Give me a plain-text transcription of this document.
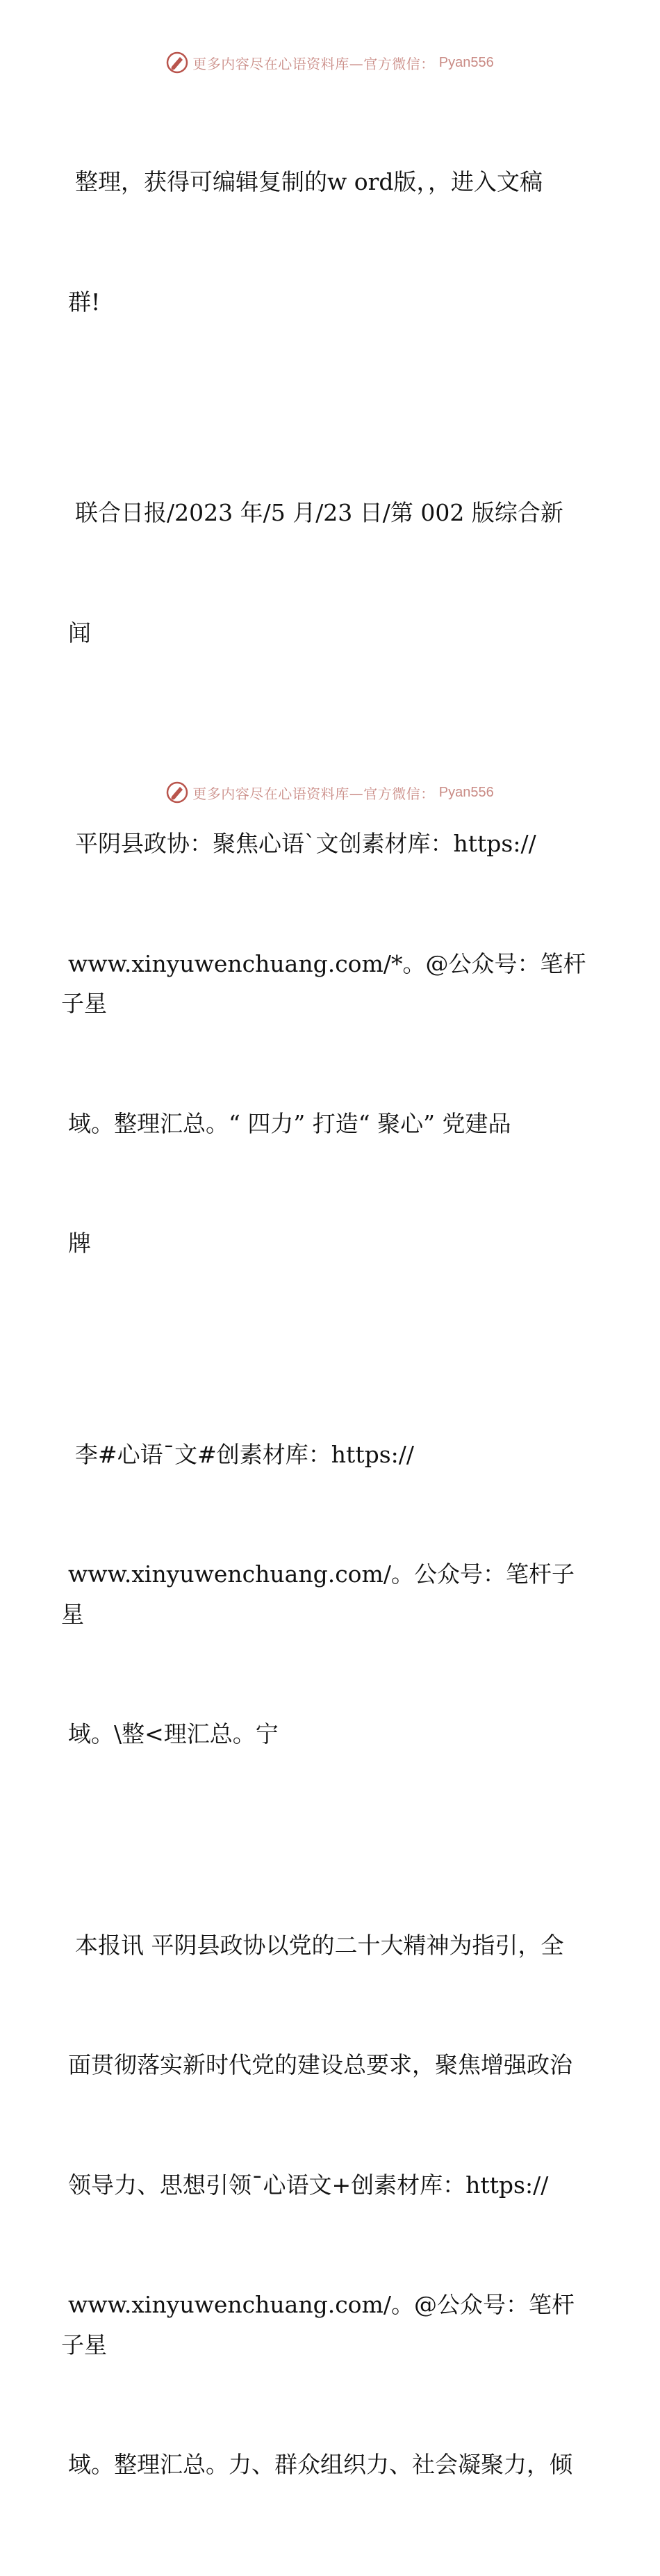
更多内容尽在心语资料库—官方微信： Pyan556

整理，获得可编辑复制的w ord版，，进入文稿

群!

联合日报/2023 年/5 月/23 日/第 002 版综合新

闻

平阴县政协：聚焦心语`文创素材库：https://

www.xinyuwenchuang.com/*。@公众号：笔杆子星

域。整理汇总。“ 四力” 打造“ 聚心” 党建品

牌

李#心语¯文#创素材库：https://

www.xinyuwenchuang.com/。公众号：笔杆子星

域。\整<理汇总。宁

本报讯 平阴县政协以党的二十大精神为指引，全

面贯彻落实新时代党的建设总要求，聚焦增强政治

领导力、思想引领¯心语文+创素材库：https://

www.xinyuwenchuang.com/。@公众号：笔杆子星

域。整理汇总。力、群众组织力、社会凝聚力，倾

更多内容尽在心语资料库—官方微信： Pyan556
